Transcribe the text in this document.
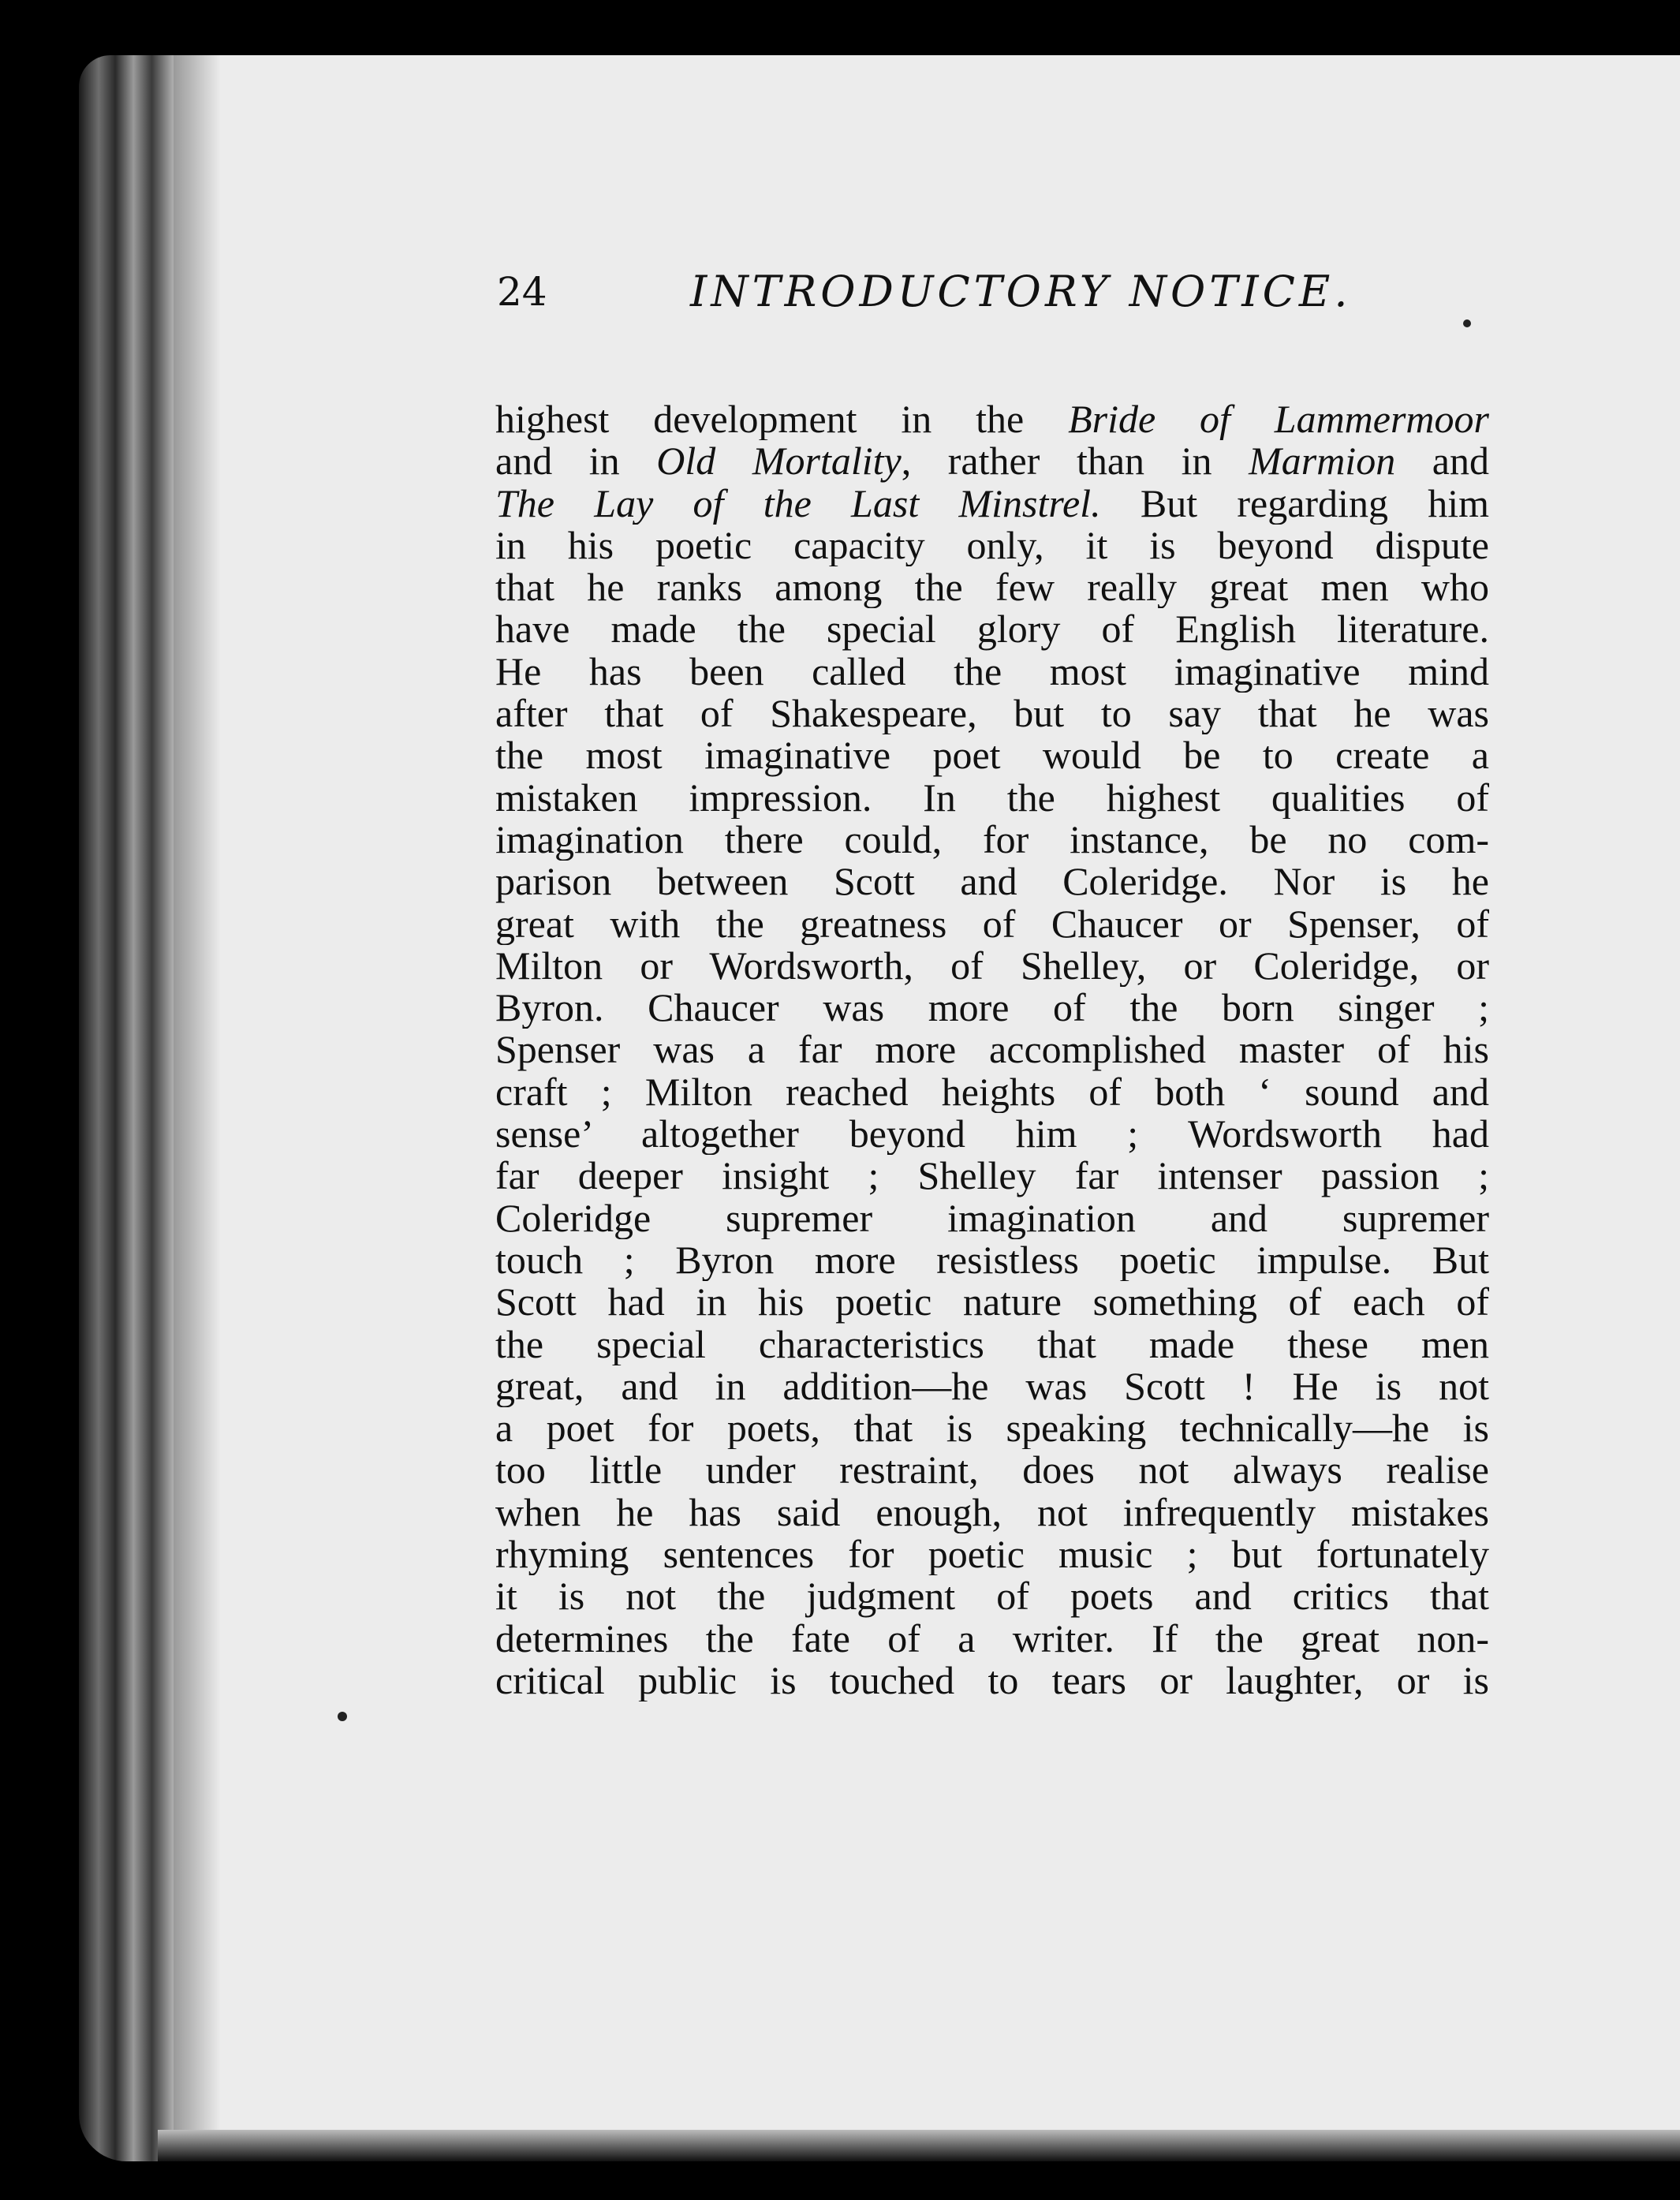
24	INTRODUCTORY NOTICE.
highest development in the Bride of Lammermoor
and in Old Mortality, rather than in Marmion and
The Lay of the Last Minstrel. But regarding him
in his poetic capacity only, it is beyond dispute
that he ranks among the few really great men who
have made the special glory of English literature.
He has been called the most imaginative mind
after that of Shakespeare, but to say that he was
the most imaginative poet would be to create a
mistaken impression. In the highest qualities of
imagination there could, for instance, be no com-
parison between Scott and Coleridge. Nor is he
great with the greatness of Chaucer or Spenser, of
Milton or Wordsworth, of Shelley, or Coleridge, or
Byron. Chaucer was more of the born singer ;
Spenser was a far more accomplished master of his
craft ; Milton reached heights of both ‘ sound and
sense’ altogether beyond him ; Wordsworth had
far deeper insight ; Shelley far intenser passion ;
Coleridge supremer imagination and supremer
touch ; Byron more resistless poetic impulse. But
Scott had in his poetic nature something of each of
the special characteristics that made these men
great, and in addition—he was Scott ! He is not
a poet for poets, that is speaking technically—he is
too little under restraint, does not always realise
when he has said enough, not infrequently mistakes
rhyming sentences for poetic music ; but fortunately
it is not the judgment of poets and critics that
determines the fate of a writer. If the great non-
critical public is touched to tears or laughter, or is
